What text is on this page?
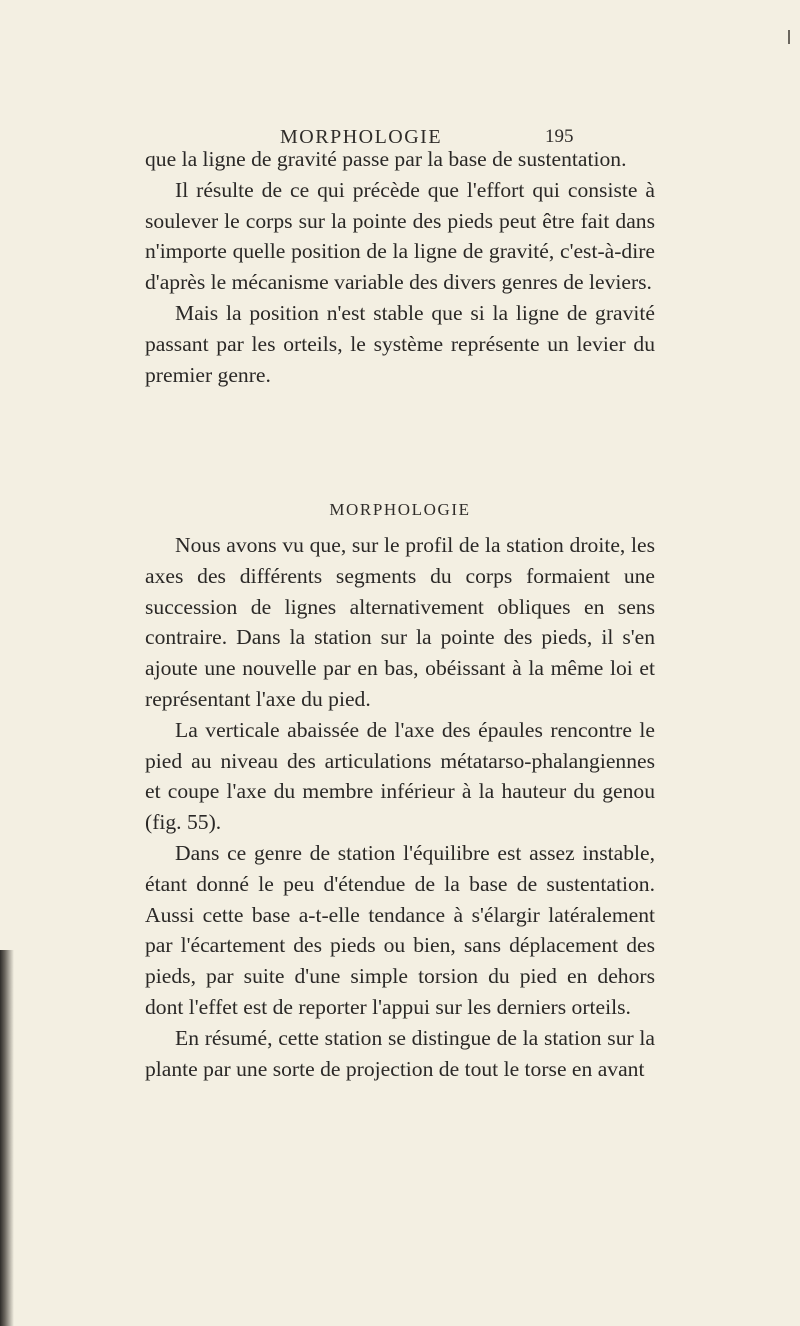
MORPHOLOGIE	195

que la ligne de gravité passe par la base de sustentation.

Il résulte de ce qui précède que l'effort qui consiste à soulever le corps sur la pointe des pieds peut être fait dans n'importe quelle position de la ligne de gravité, c'est-à-dire d'après le mécanisme variable des divers genres de leviers.

Mais la position n'est stable que si la ligne de gravité passant par les orteils, le système représente un levier du premier genre.

MORPHOLOGIE

Nous avons vu que, sur le profil de la station droite, les axes des différents segments du corps formaient une succession de lignes alternativement obliques en sens contraire. Dans la station sur la pointe des pieds, il s'en ajoute une nouvelle par en bas, obéissant à la même loi et représentant l'axe du pied.

La verticale abaissée de l'axe des épaules rencontre le pied au niveau des articulations métatarso-phalangiennes et coupe l'axe du membre inférieur à la hauteur du genou (fig. 55).

Dans ce genre de station l'équilibre est assez instable, étant donné le peu d'étendue de la base de sustentation. Aussi cette base a-t-elle tendance à s'élargir latéralement par l'écartement des pieds ou bien, sans déplacement des pieds, par suite d'une simple torsion du pied en dehors dont l'effet est de reporter l'appui sur les derniers orteils.

En résumé, cette station se distingue de la station sur la plante par une sorte de projection de tout le torse en avant
